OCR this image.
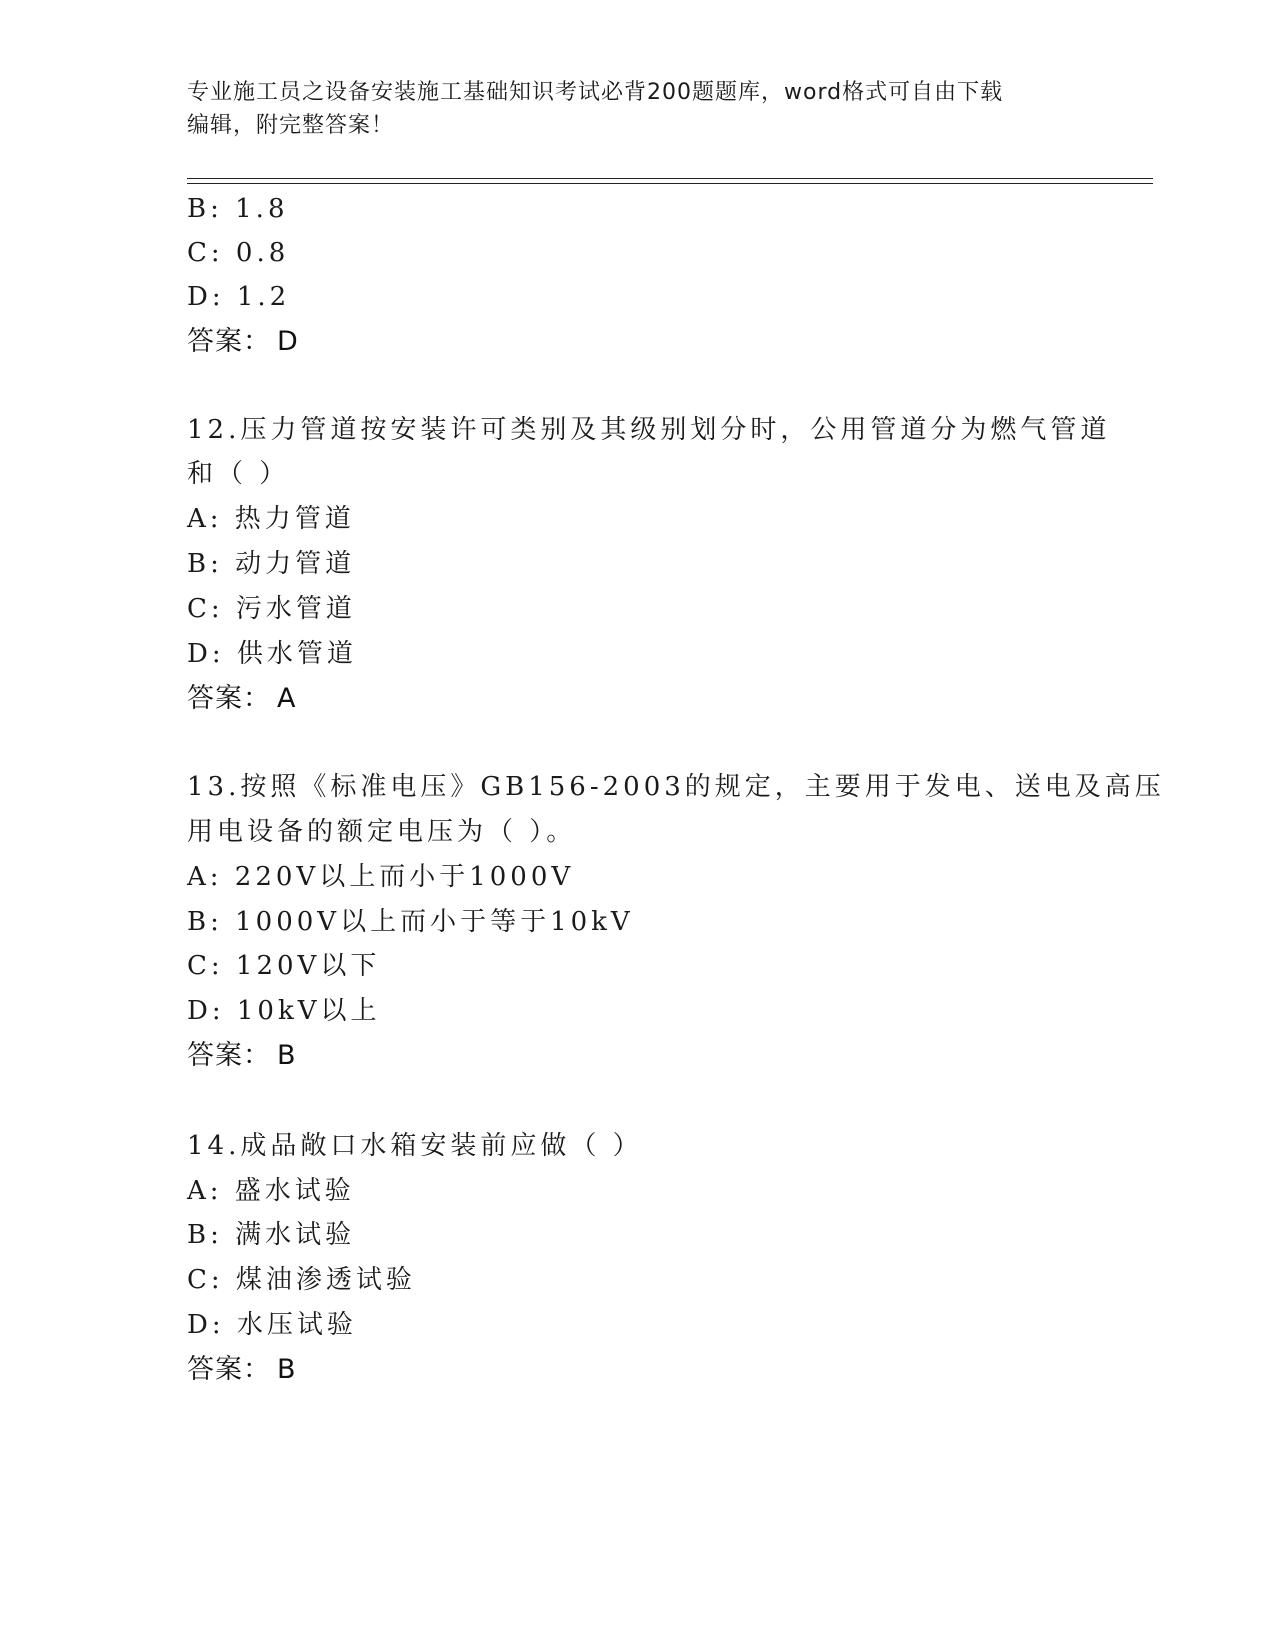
专业施工员之设备安装施工基础知识考试必背200题题库，word格式可自由下载
编辑，附完整答案！
B: 1.8
C: 0.8
D: 1.2
答案： D
12.压力管道按安装许可类别及其级别划分时，公用管道分为燃气管道
和（ ）
A: 热力管道
B: 动力管道
C: 污水管道
D: 供水管道
答案： A
13.按照《标准电压》GB156-2003的规定，主要用于发电、送电及高压
用电设备的额定电压为（ ）。
A: 220V以上而小于1000V
B: 1000V以上而小于等于10kV
C: 120V以下
D: 10kV以上
答案： B
14.成品敞口水箱安装前应做（ ）
A: 盛水试验
B: 满水试验
C: 煤油渗透试验
D: 水压试验
答案： B
